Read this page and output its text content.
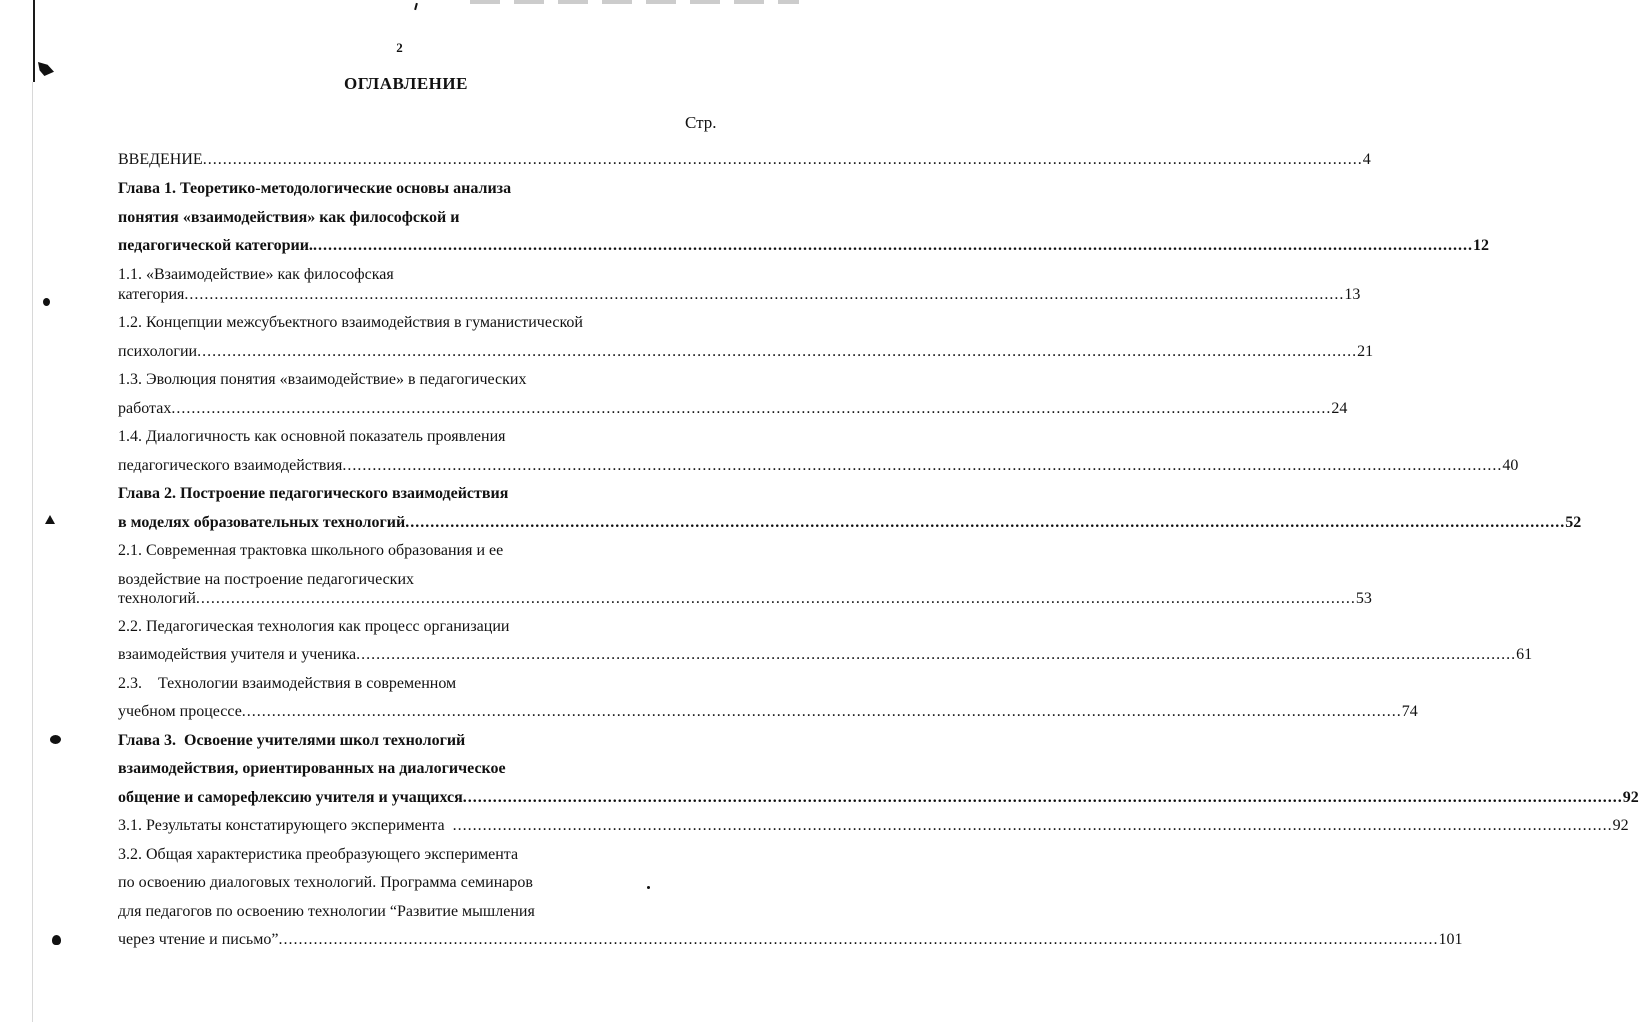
2
ОГЛАВЛЕНИЕ
Стр.
ВВЕДЕНИЕ .....	4
Глава 1. Теоретико-методологические основы анализа
понятия «взаимодействия» как философской и
педагогической категории. .....	12
1.1. «Взаимодействие» как философская
категория .....	13
1.2. Концепции межсубъектного взаимодействия в гуманистической
психологии .....	21
1.3. Эволюция понятия «взаимодействие» в педагогических
работах .....	24
1.4. Диалогичность как основной показатель проявления
педагогического взаимодействия .....	40
Глава 2. Построение педагогического взаимодействия
в моделях образовательных технологий .....	52
2.1. Современная трактовка школьного образования и ее
воздействие на построение педагогических
технологий .....	53
2.2. Педагогическая технология как процесс организации
взаимодействия учителя и ученика .....	61
2.3.    Технологии взаимодействия в современном
учебном процессе .....	74
Глава 3.  Освоение учителями школ технологий
взаимодействия, ориентированных на диалогическое
общение и саморефлексию учителя и учащихся .....	92
3.1. Результаты констатирующего эксперимента .....	92
3.2. Общая характеристика преобразующего эксперимента
по освоению диалоговых технологий. Программа семинаров
для педагогов по освоению технологии “Развитие мышления
через чтение и письмо” .....	101
